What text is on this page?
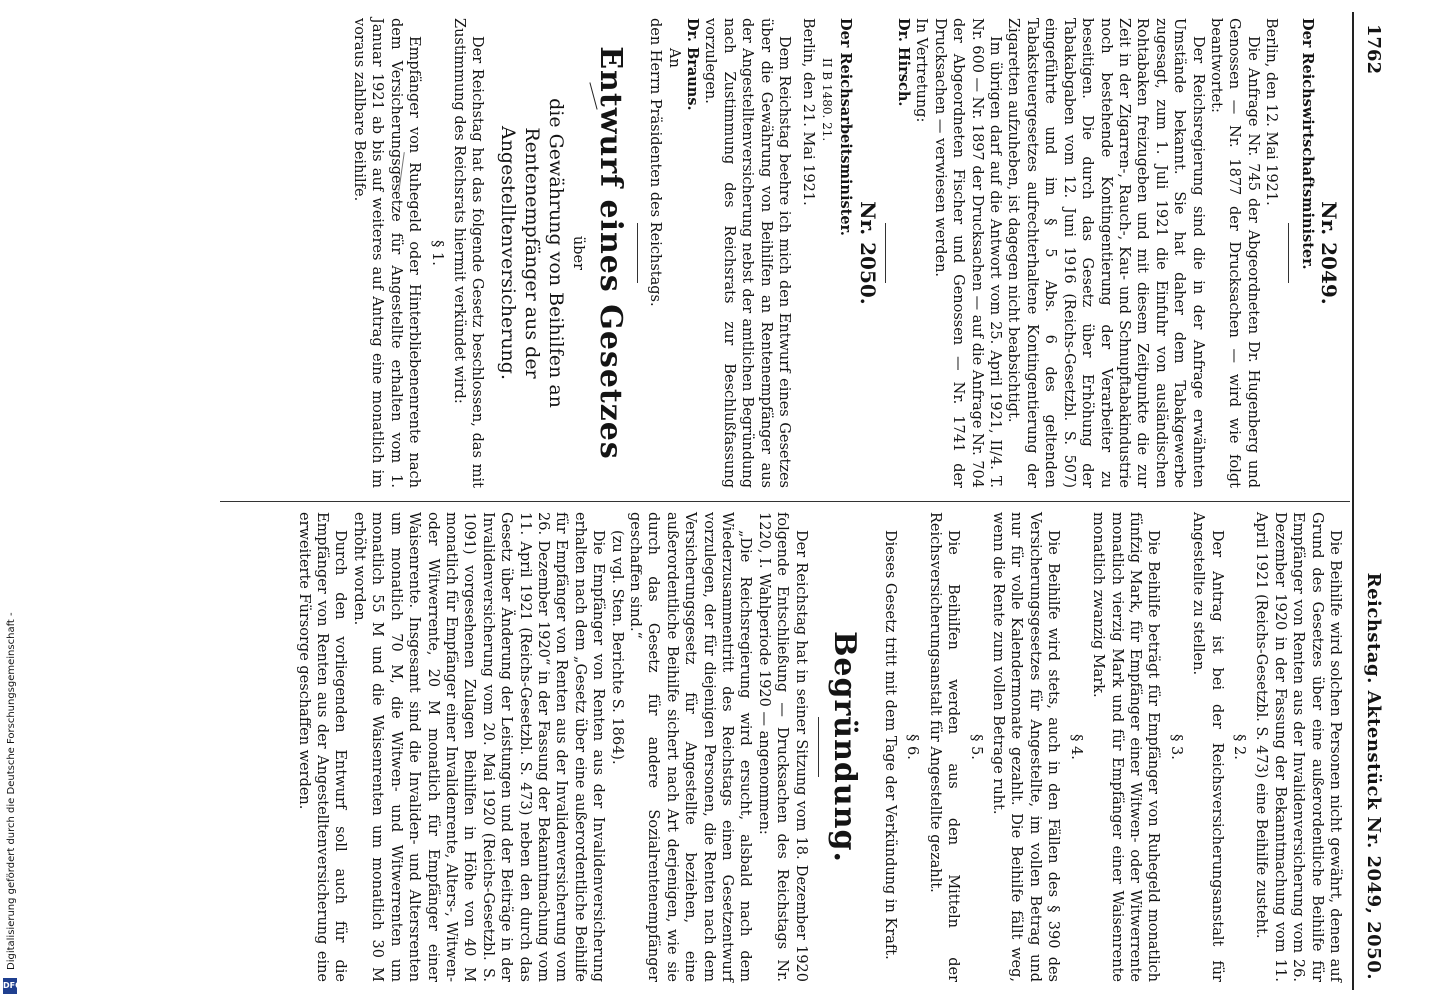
Digitalisierung gefördert durch die Deutsche Forschungsgemeinschaft -
DFG
1762
Reichstag. Aktenstück Nr. 2049, 2050.
Nr. 2049.

Der Reichswirtschaftsminister.

Berlin, den 12. Mai 1921.

Die Anfrage Nr. 745 der Abgeordneten Dr. Hugenberg und Genossen — Nr. 1877 der Drucksachen — wird wie folgt beantwortet:

Der Reichsregierung sind die in der Anfrage erwähnten Umstände bekannt. Sie hat daher dem Tabakgewerbe zugesagt, zum 1. Juli 1921 die Einfuhr von ausländischen Rohtabaken freizugeben und mit diesem Zeitpunkte die zur Zeit in der Zigarren-, Rauch-, Kau- und Schnupftabakindustrie noch bestehende Kontingentierung der Verarbeiter zu beseitigen. Die durch das Gesetz über Erhöhung der Tabakabgaben vom 12. Juni 1916 (Reichs-Gesetzbl. S. 507) eingeführte und im § 5 Abs. 6 des geltenden Tabaksteuergesetzes aufrechterhaltene Kontingentierung der Zigaretten aufzuheben, ist dagegen nicht beabsichtigt.

Im übrigen darf auf die Antwort vom 25. April 1921, II/4. T. Nr. 600 — Nr. 1897 der Drucksachen — auf die Anfrage Nr. 704 der Abgeordneten Fischer und Genossen — Nr. 1741 der Drucksachen — verwiesen werden.

In Vertretung:

Dr. Hirsch.

Nr. 2050.

Der Reichsarbeitsminister.

II B 1480. 21.

Berlin, den 21. Mai 1921.

Dem Reichstag beehre ich mich den Entwurf eines Gesetzes über die Gewährung von Beihilfen an Rentenempfänger aus der Angestelltenversicherung nebst der amtlichen Begründung nach Zustimmung des Reichsrats zur Beschlußfassung vorzulegen.

Dr. Brauns.

An

den Herrn Präsidenten des Reichstags.

Entwurf eines Gesetzes
über
die Gewährung von Beihilfen an Rentenempfänger aus der Angestelltenversicherung.

Der Reichstag hat das folgende Gesetz beschlossen, das mit Zustimmung des Reichsrats hiermit verkündet wird:

§ 1.

Empfänger von Ruhegeld oder Hinterbliebenenrente nach dem Versicherungsgesetze für Angestellte erhalten vom 1. Januar 1921 ab bis auf weiteres auf Antrag eine monatlich im voraus zahlbare Beihilfe.

Die Beihilfe wird solchen Personen nicht gewährt, denen auf Grund des Gesetzes über eine außerordentliche Beihilfe für Empfänger von Renten aus der Invalidenversicherung vom 26. Dezember 1920 in der Fassung der Bekanntmachung vom 11. April 1921 (Reichs-Gesetzbl. S. 473) eine Beihilfe zusteht.

§ 2.

Der Antrag ist bei der Reichsversicherungsanstalt für Angestellte zu stellen.

§ 3.

Die Beihilfe beträgt für Empfänger von Ruhegeld monatlich fünfzig Mark, für Empfänger einer Witwen- oder Witwerrente monatlich vierzig Mark und für Empfänger einer Waisenrente monatlich zwanzig Mark.

§ 4.

Die Beihilfe wird stets, auch in den Fällen des § 390 des Versicherungsgesetzes für Angestellte, im vollen Betrag und nur für volle Kalendermonate gezahlt. Die Beihilfe fällt weg, wenn die Rente zum vollen Betrage ruht.

§ 5.

Die Beihilfen werden aus den Mitteln der Reichsversicherungsanstalt für Angestellte gezahlt.

§ 6.

Dieses Gesetz tritt mit dem Tage der Verkündung in Kraft.

Begründung.

Der Reichstag hat in seiner Sitzung vom 18. Dezember 1920 folgende Entschließung — Drucksachen des Reichstags Nr. 1220, I. Wahlperiode 1920 — angenommen:

„Die Reichsregierung wird ersucht, alsbald nach dem Wiederzusammentritt des Reichstags einen Gesetzentwurf vorzulegen, der für diejenigen Personen, die Renten nach dem Versicherungsgesetz für Angestellte beziehen, eine außerordentliche Beihilfe sichert nach Art derjenigen, wie sie durch das Gesetz für andere Sozialrentenempfänger geschaffen sind.“

(zu vgl. Sten. Berichte S. 1864).

Die Empfänger von Renten aus der Invalidenversicherung erhalten nach dem „Gesetz über eine außerordentliche Beihilfe für Empfänger von Renten aus der Invalidenversicherung vom 26. Dezember 1920“ in der Fassung der Bekanntmachung vom 11. April 1921 (Reichs-Gesetzbl. S. 473) neben den durch das Gesetz über Änderung der Leistungen und der Beiträge in der Invalidenversicherung vom 20. Mai 1920 (Reichs-Gesetzbl. S. 1091) vorgesehenen Zulagen Beihilfen in Höhe von 40 M monatlich für Empfänger einer Invalidenrente, Alters-, Witwen- oder Witwerrente, 20 M monatlich für Empfänger einer Waisenrente. Insgesamt sind die Invaliden- und Altersrenten um monatlich 70 M, die Witwen- und Witwerrenten um monatlich 55 M und die Waisenrenten um monatlich 30 M erhöht worden.

Durch den vorliegenden Entwurf soll auch für die Empfänger von Renten aus der Angestelltenversicherung eine erweiterte Fürsorge geschaffen werden.
